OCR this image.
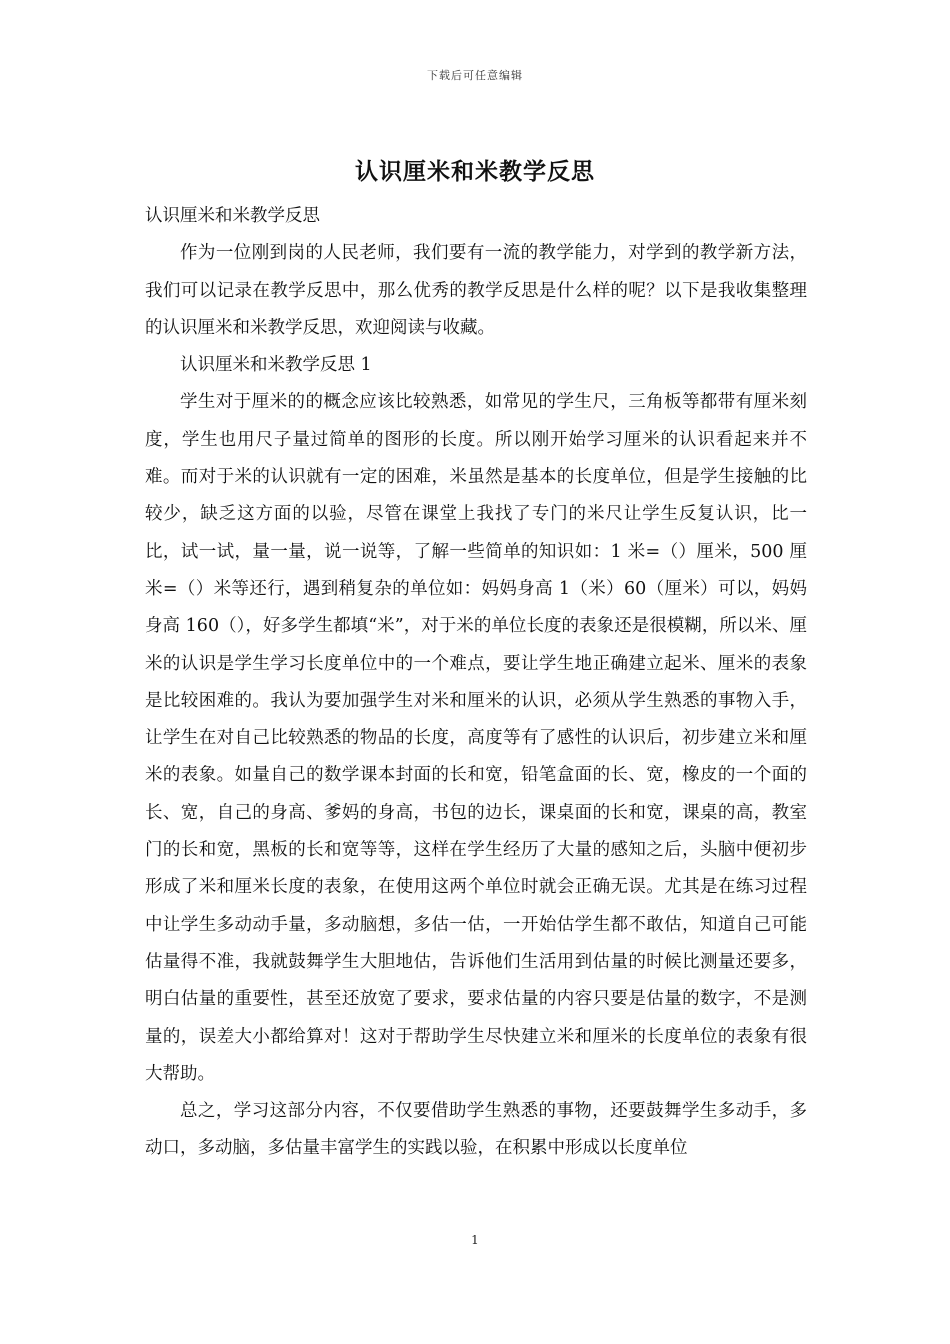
下载后可任意编辑
认识厘米和米教学反思

认识厘米和米教学反思

作为一位刚到岗的人民老师，我们要有一流的教学能力，对学到的教学新方法，我们可以记录在教学反思中，那么优秀的教学反思是什么样的呢？以下是我收集整理的认识厘米和米教学反思，欢迎阅读与收藏。

认识厘米和米教学反思 1

学生对于厘米的的概念应该比较熟悉，如常见的学生尺，三角板等都带有厘米刻度，学生也用尺子量过简单的图形的长度。所以刚开始学习厘米的认识看起来并不难。而对于米的认识就有一定的困难，米虽然是基本的长度单位，但是学生接触的比较少，缺乏这方面的以验，尽管在课堂上我找了专门的米尺让学生反复认识，比一比，试一试，量一量，说一说等，了解一些简单的知识如：1 米=（）厘米，500 厘米=（）米等还行，遇到稍复杂的单位如：妈妈身高 1（米）60（厘米）可以，妈妈身高 160（），好多学生都填“米”，对于米的单位长度的表象还是很模糊，所以米、厘米的认识是学生学习长度单位中的一个难点，要让学生地正确建立起米、厘米的表象是比较困难的。我认为要加强学生对米和厘米的认识，必须从学生熟悉的事物入手，让学生在对自己比较熟悉的物品的长度，高度等有了感性的认识后，初步建立米和厘米的表象。如量自己的数学课本封面的长和宽，铅笔盒面的长、宽，橡皮的一个面的长、宽，自己的身高、爹妈的身高，书包的边长，课桌面的长和宽，课桌的高，教室门的长和宽，黑板的长和宽等等，这样在学生经历了大量的感知之后，头脑中便初步形成了米和厘米长度的表象，在使用这两个单位时就会正确无误。尤其是在练习过程中让学生多动动手量，多动脑想，多估一估，一开始估学生都不敢估，知道自己可能估量得不准，我就鼓舞学生大胆地估，告诉他们生活用到估量的时候比测量还要多，明白估量的重要性，甚至还放宽了要求，要求估量的内容只要是估量的数字，不是测量的，误差大小都给算对！这对于帮助学生尽快建立米和厘米的长度单位的表象有很大帮助。

总之，学习这部分内容，不仅要借助学生熟悉的事物，还要鼓舞学生多动手，多动口，多动脑，多估量丰富学生的实践以验，在积累中形成以长度单位

1
